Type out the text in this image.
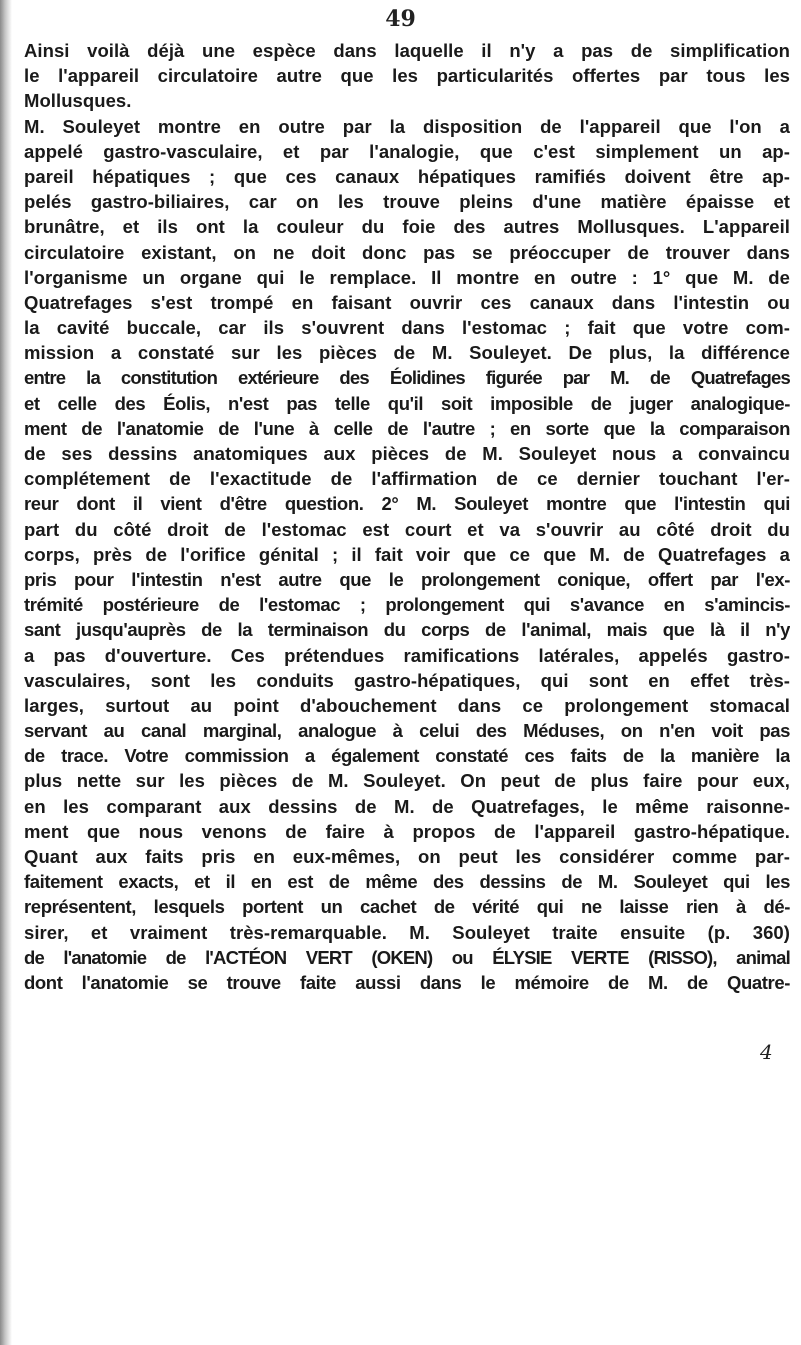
49
Ainsi voilà déjà une espèce dans laquelle il n'y a pas de simplification
le l'appareil circulatoire autre que les particularités offertes par tous les
Mollusques.
M. Souleyet montre en outre par la disposition de l'appareil que l'on a
appelé gastro-vasculaire, et par l'analogie, que c'est simplement un ap-
pareil hépatiques ; que ces canaux hépatiques ramifiés doivent être ap-
pelés gastro-biliaires, car on les trouve pleins d'une matière épaisse et
brunâtre, et ils ont la couleur du foie des autres Mollusques. L'appareil
circulatoire existant, on ne doit donc pas se préoccuper de trouver dans
l'organisme un organe qui le remplace. Il montre en outre : 1° que M. de
Quatrefages s'est trompé en faisant ouvrir ces canaux dans l'intestin ou
la cavité buccale, car ils s'ouvrent dans l'estomac ; fait que votre com-
mission a constaté sur les pièces de M. Souleyet. De plus, la différence
entre la constitution extérieure des Éolidines figurée par M. de Quatrefages
et celle des Éolis, n'est pas telle qu'il soit imposible de juger analogique-
ment de l'anatomie de l'une à celle de l'autre ; en sorte que la comparaison
de ses dessins anatomiques aux pièces de M. Souleyet nous a convaincu
complétement de l'exactitude de l'affirmation de ce dernier touchant l'er-
reur dont il vient d'être question. 2° M. Souleyet montre que l'intestin qui
part du côté droit de l'estomac est court et va s'ouvrir au côté droit du
corps, près de l'orifice génital ; il fait voir que ce que M. de Quatrefages a
pris pour l'intestin n'est autre que le prolongement conique, offert par l'ex-
trémité postérieure de l'estomac ; prolongement qui s'avance en s'amincis-
sant jusqu'auprès de la terminaison du corps de l'animal, mais que là il n'y
a pas d'ouverture. Ces prétendues ramifications latérales, appelés gastro-
vasculaires, sont les conduits gastro-hépatiques, qui sont en effet très-
larges, surtout au point d'abouchement dans ce prolongement stomacal
servant au canal marginal, analogue à celui des Méduses, on n'en voit pas
de trace. Votre commission a également constaté ces faits de la manière la
plus nette sur les pièces de M. Souleyet. On peut de plus faire pour eux,
en les comparant aux dessins de M. de Quatrefages, le même raisonne-
ment que nous venons de faire à propos de l'appareil gastro-hépatique.
Quant aux faits pris en eux-mêmes, on peut les considérer comme par-
faitement exacts, et il en est de même des dessins de M. Souleyet qui les
représentent, lesquels portent un cachet de vérité qui ne laisse rien à dé-
sirer, et vraiment très-remarquable. M. Souleyet traite ensuite (p. 360)
de l'anatomie de l'ACTÉON VERT (OKEN) ou ÉLYSIE VERTE (RISSO), animal
dont l'anatomie se trouve faite aussi dans le mémoire de M. de Quatre-
4
